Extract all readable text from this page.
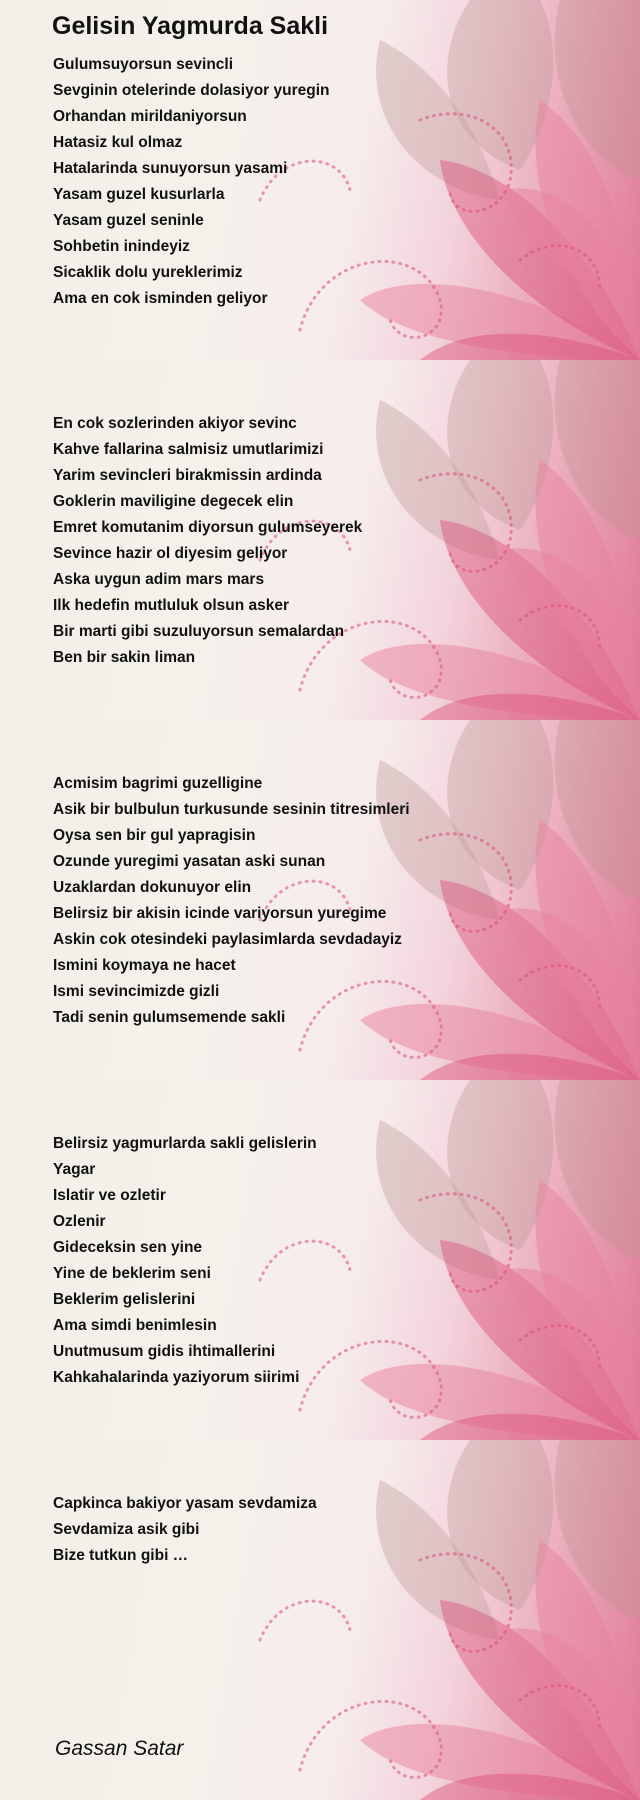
Gelisin Yagmurda Sakli
Gulumsuyorsun sevincli
Sevginin otelerinde dolasiyor yuregin
Orhandan mirildaniyorsun
Hatasiz kul olmaz
Hatalarinda sunuyorsun yasami
Yasam guzel kusurlarla
Yasam guzel seninle
Sohbetin inindeyiz
Sicaklik dolu yureklerimiz
Ama en cok isminden geliyor
En cok sozlerinden akiyor sevinc
Kahve fallarina salmisiz umutlarimizi
Yarim sevincleri birakmissin ardinda
Goklerin maviligine degecek elin
Emret komutanim diyorsun gulumseyerek
Sevince hazir ol diyesim geliyor
Aska uygun adim mars mars
Ilk hedefin mutluluk olsun asker
Bir marti gibi suzuluyorsun semalardan
Ben bir sakin liman
Acmisim bagrimi guzelligine
Asik bir bulbulun turkusunde sesinin titresimleri
Oysa sen bir gul yapragisin
Ozunde yuregimi yasatan aski sunan
Uzaklardan dokunuyor elin
Belirsiz bir akisin icinde variyorsun yuregime
Askin cok otesindeki paylasimlarda sevdadayiz
Ismini koymaya ne hacet
Ismi sevincimizde gizli
Tadi senin gulumsemende sakli
Belirsiz yagmurlarda sakli gelislerin
Yagar
Islatir ve ozletir
Ozlenir
Gideceksin sen yine
Yine de beklerim seni
Beklerim gelislerini
Ama simdi benimlesin
Unutmusum gidis ihtimallerini
Kahkahalarinda yaziyorum siirimi
Capkinca bakiyor yasam sevdamiza
Sevdamiza asik gibi
Bize tutkun gibi …
Gassan Satar
